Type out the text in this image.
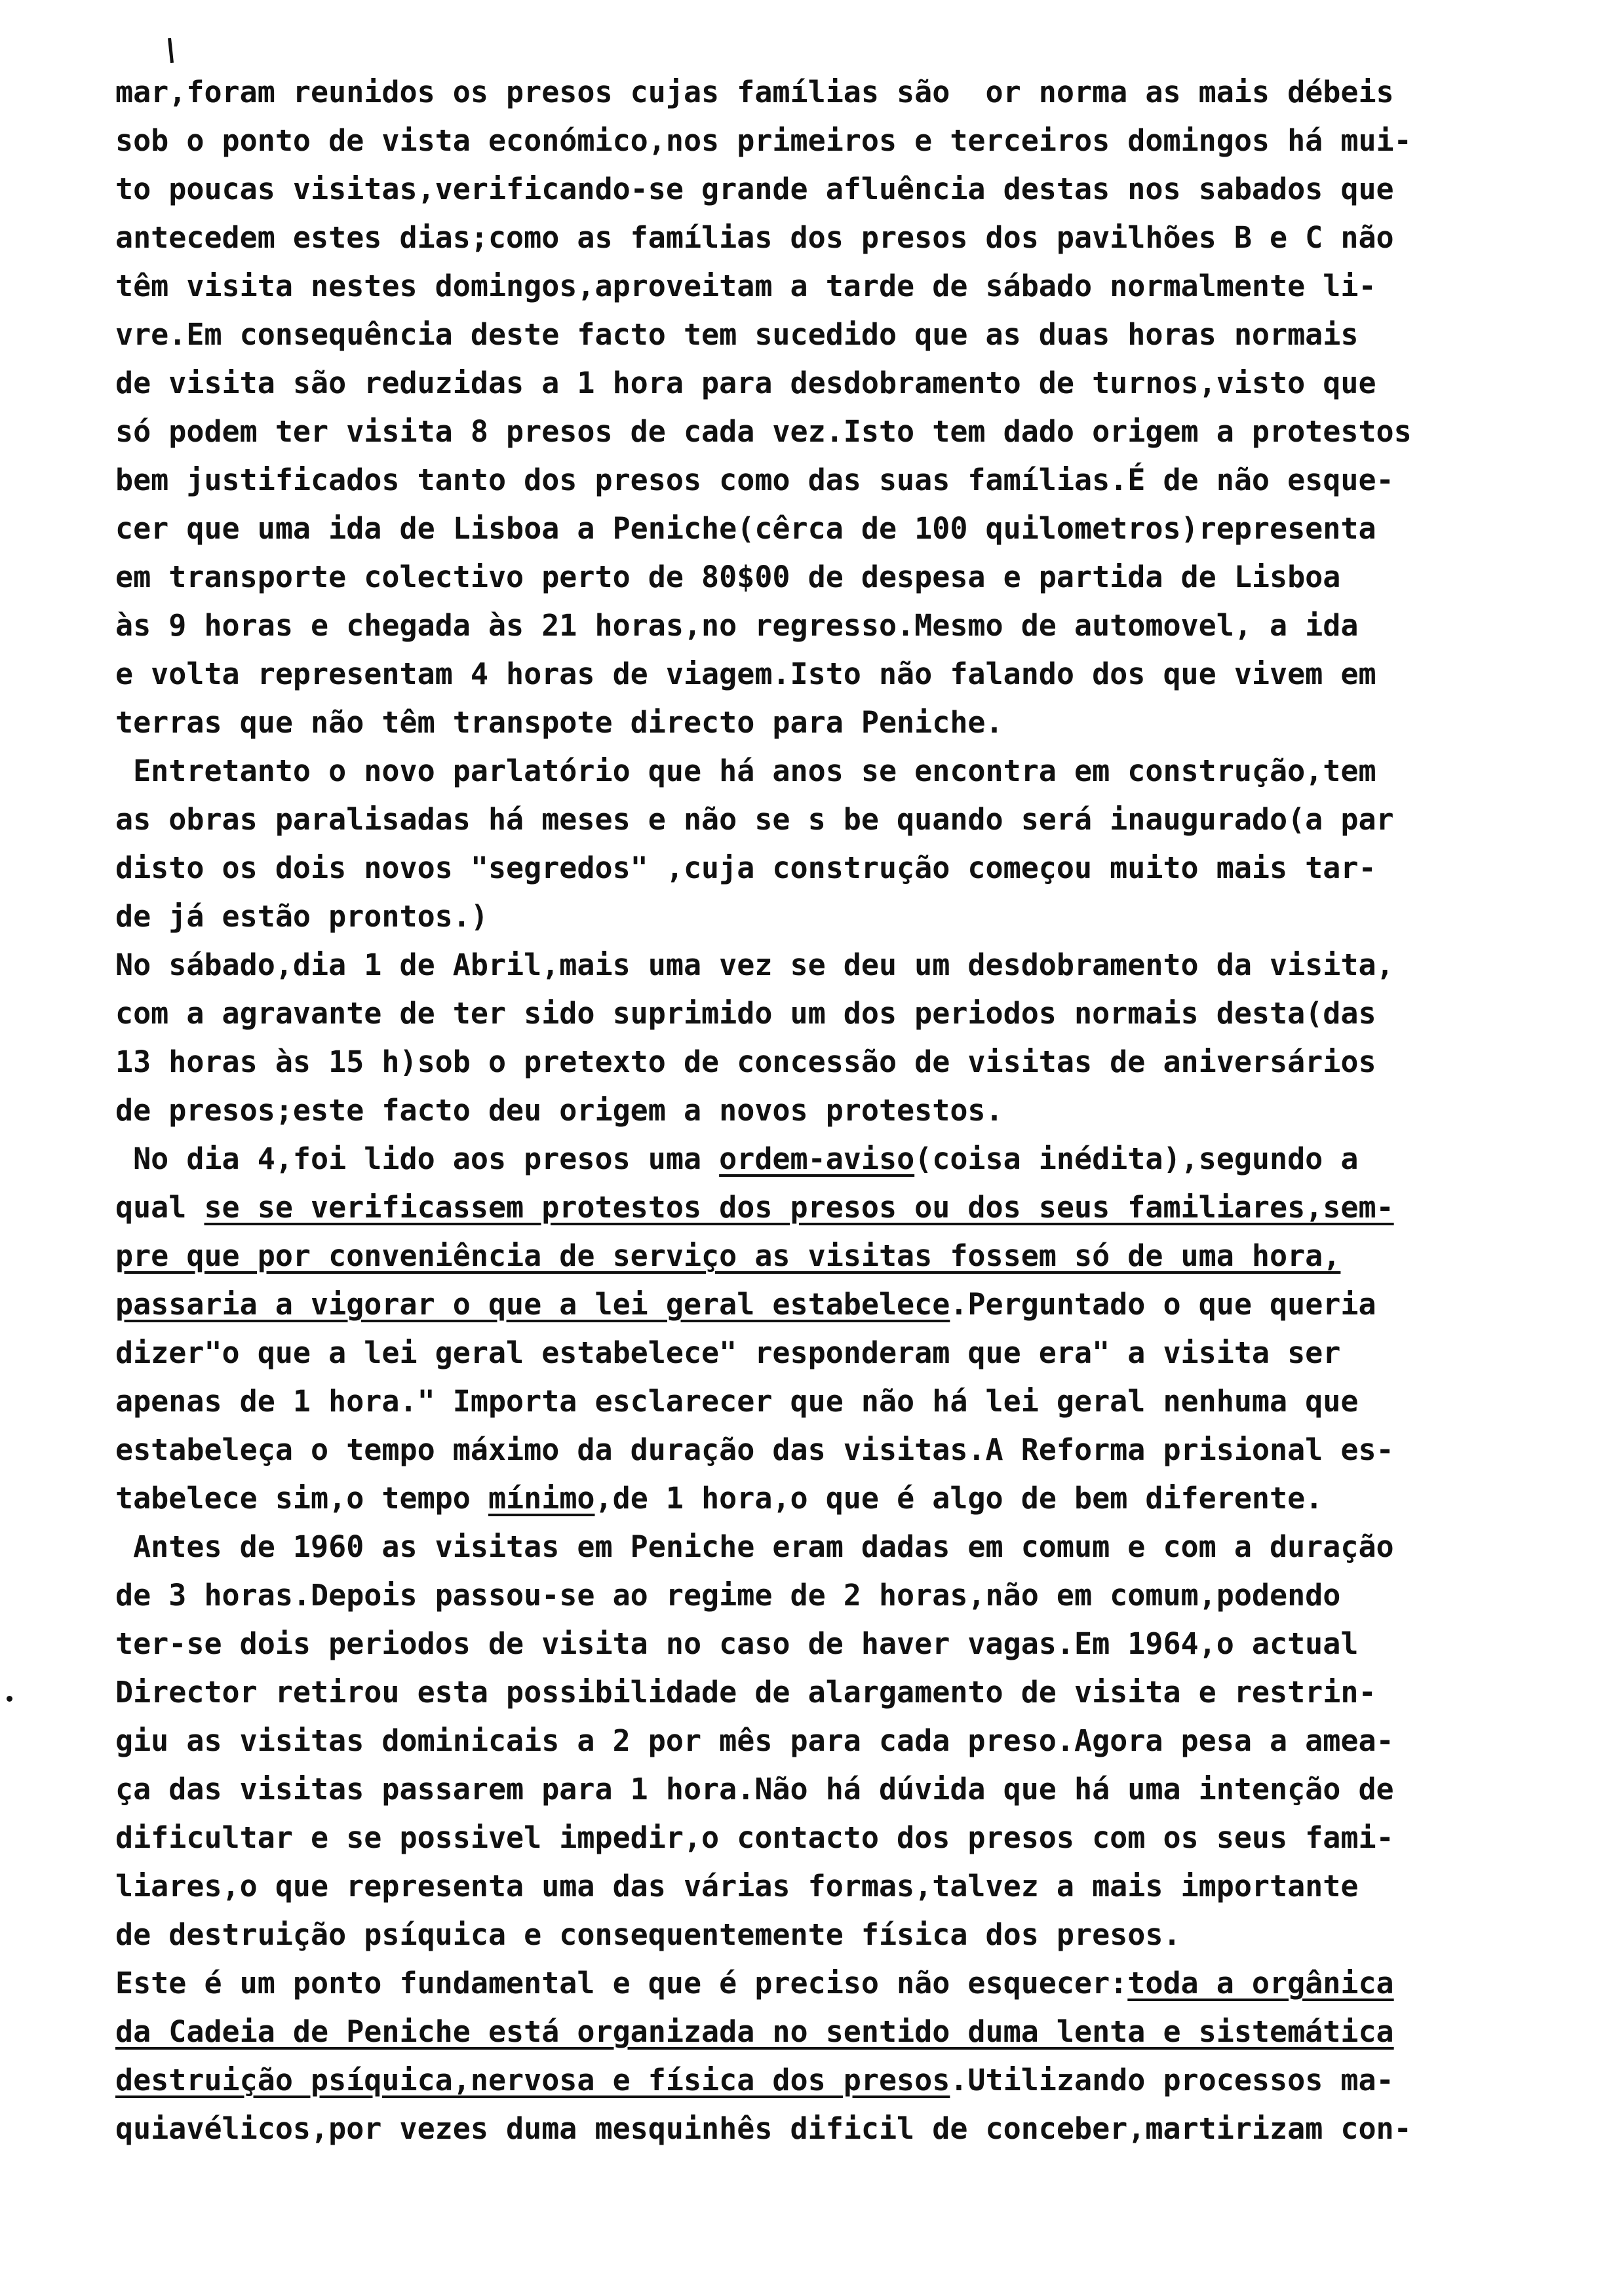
mar,foram reunidos os presos cujas famílias são  or norma as mais débeis
sob o ponto de vista económico,nos primeiros e terceiros domingos há mui-
to poucas visitas,verificando-se grande afluência destas nos sabados que
antecedem estes dias;como as famílias dos presos dos pavilhões B e C não
têm visita nestes domingos,aproveitam a tarde de sábado normalmente li-
vre.Em consequência deste facto tem sucedido que as duas horas normais
de visita são reduzidas a 1 hora para desdobramento de turnos,visto que
só podem ter visita 8 presos de cada vez.Isto tem dado origem a protestos
bem justificados tanto dos presos como das suas famílias.É de não esque-
cer que uma ida de Lisboa a Peniche(cêrca de 100 quilometros)representa
em transporte colectivo perto de 80$00 de despesa e partida de Lisboa
às 9 horas e chegada às 21 horas,no regresso.Mesmo de automovel, a ida
e volta representam 4 horas de viagem.Isto não falando dos que vivem em
terras que não têm transpote directo para Peniche.
Entretanto o novo parlatório que há anos se encontra em construção,tem
as obras paralisadas há meses e não se s be quando será inaugurado(a par
disto os dois novos "segredos" ,cuja construção começou muito mais tar-
de já estão prontos.)
No sábado,dia 1 de Abril,mais uma vez se deu um desdobramento da visita,
com a agravante de ter sido suprimido um dos periodos normais desta(das
13 horas às 15 h)sob o pretexto de concessão de visitas de aniversários
de presos;este facto deu origem a novos protestos.
No dia 4,foi lido aos presos uma ordem-aviso(coisa inédita),segundo a
qual se se verificassem protestos dos presos ou dos seus familiares,sem-
pre que por conveniência de serviço as visitas fossem só de uma hora,
passaria a vigorar o que a lei geral estabelece.Perguntado o que queria
dizer"o que a lei geral estabelece" responderam que era" a visita ser
apenas de 1 hora." Importa esclarecer que não há lei geral nenhuma que
estabeleça o tempo máximo da duração das visitas.A Reforma prisional es-
tabelece sim,o tempo mínimo,de 1 hora,o que é algo de bem diferente.
Antes de 1960 as visitas em Peniche eram dadas em comum e com a duração
de 3 horas.Depois passou-se ao regime de 2 horas,não em comum,podendo
ter-se dois periodos de visita no caso de haver vagas.Em 1964,o actual
Director retirou esta possibilidade de alargamento de visita e restrin-
giu as visitas dominicais a 2 por mês para cada preso.Agora pesa a amea-
ça das visitas passarem para 1 hora.Não há dúvida que há uma intenção de
dificultar e se possivel impedir,o contacto dos presos com os seus fami-
liares,o que representa uma das várias formas,talvez a mais importante
de destruição psíquica e consequentemente física dos presos.
Este é um ponto fundamental e que é preciso não esquecer:toda a orgânica
da Cadeia de Peniche está organizada no sentido duma lenta e sistemática
destruição psíquica,nervosa e física dos presos.Utilizando processos ma-
quiavélicos,por vezes duma mesquinhês dificil de conceber,martirizam con-
